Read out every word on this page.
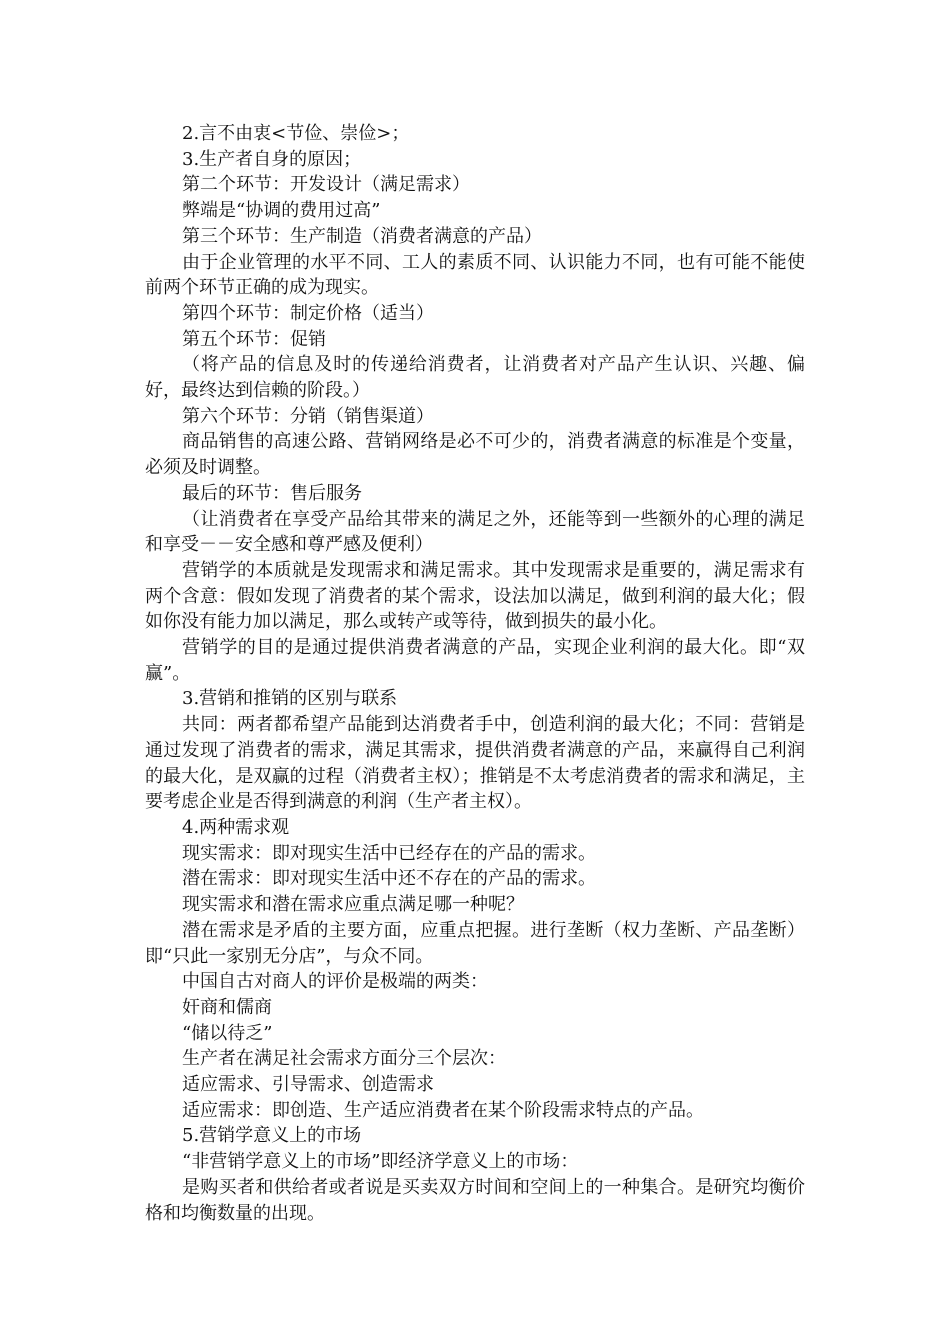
2.言不由衷<节俭、崇俭>；

3.生产者自身的原因；

第二个环节：开发设计（满足需求）

弊端是“协调的费用过高”

第三个环节：生产制造（消费者满意的产品）

由于企业管理的水平不同、工人的素质不同、认识能力不同，也有可能不能使前两个环节正确的成为现实。

第四个环节：制定价格（适当）

第五个环节：促销

（将产品的信息及时的传递给消费者，让消费者对产品产生认识、兴趣、偏好，最终达到信赖的阶段。）

第六个环节：分销（销售渠道）

商品销售的高速公路、营销网络是必不可少的，消费者满意的标准是个变量，必须及时调整。

最后的环节：售后服务

（让消费者在享受产品给其带来的满足之外，还能等到一些额外的心理的满足和享受－－安全感和尊严感及便利）

营销学的本质就是发现需求和满足需求。其中发现需求是重要的，满足需求有两个含意：假如发现了消费者的某个需求，设法加以满足，做到利润的最大化；假如你没有能力加以满足，那么或转产或等待，做到损失的最小化。

营销学的目的是通过提供消费者满意的产品，实现企业利润的最大化。即“双赢”。

3.营销和推销的区别与联系

共同：两者都希望产品能到达消费者手中，创造利润的最大化；不同：营销是通过发现了消费者的需求，满足其需求，提供消费者满意的产品，来赢得自己利润的最大化，是双赢的过程（消费者主权）；推销是不太考虑消费者的需求和满足，主要考虑企业是否得到满意的利润（生产者主权）。

4.两种需求观

现实需求：即对现实生活中已经存在的产品的需求。

潜在需求：即对现实生活中还不存在的产品的需求。

现实需求和潜在需求应重点满足哪一种呢？

潜在需求是矛盾的主要方面，应重点把握。进行垄断（权力垄断、产品垄断）即“只此一家别无分店”，与众不同。

中国自古对商人的评价是极端的两类：

奸商和儒商

“储以待乏”

生产者在满足社会需求方面分三个层次：

适应需求、引导需求、创造需求

适应需求：即创造、生产适应消费者在某个阶段需求特点的产品。

5.营销学意义上的市场

“非营销学意义上的市场”即经济学意义上的市场：

是购买者和供给者或者说是买卖双方时间和空间上的一种集合。是研究均衡价格和均衡数量的出现。
